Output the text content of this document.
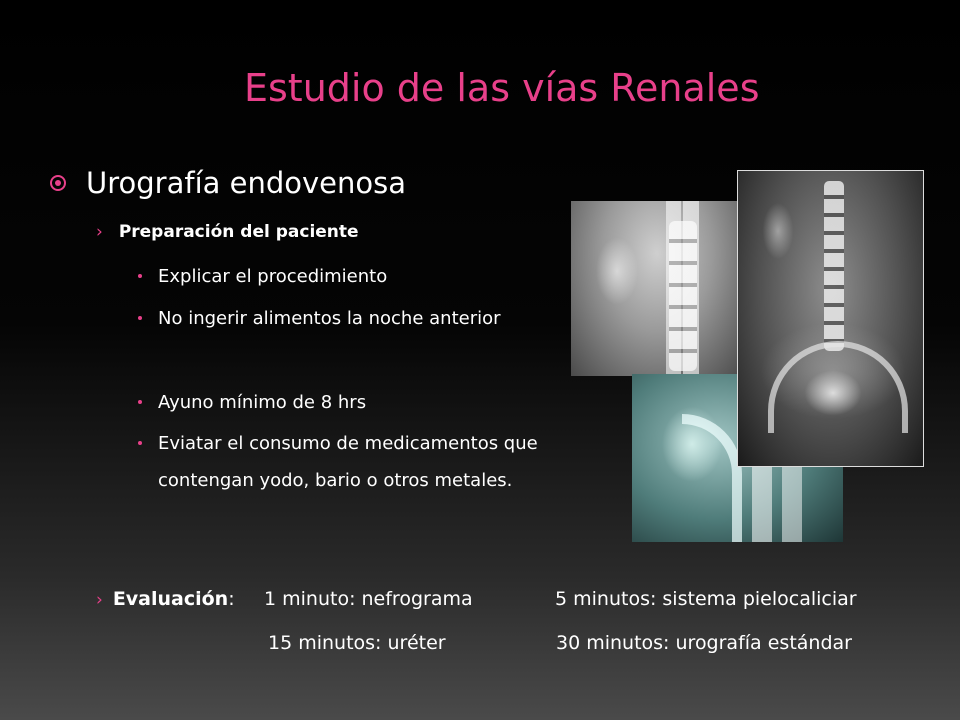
Estudio de las vías Renales
Urografía endovenosa
› Preparación del paciente
Explicar el procedimiento
No ingerir alimentos la noche anterior
Ayuno mínimo de 8 hrs
Eviatar el consumo de medicamentos que contengan yodo, bario o otros metales.
› Evaluación : 1 minuto: nefrograma	5 minutos: sistema pielocaliciar
15 minutos: uréter	30 minutos: urografía estándar
